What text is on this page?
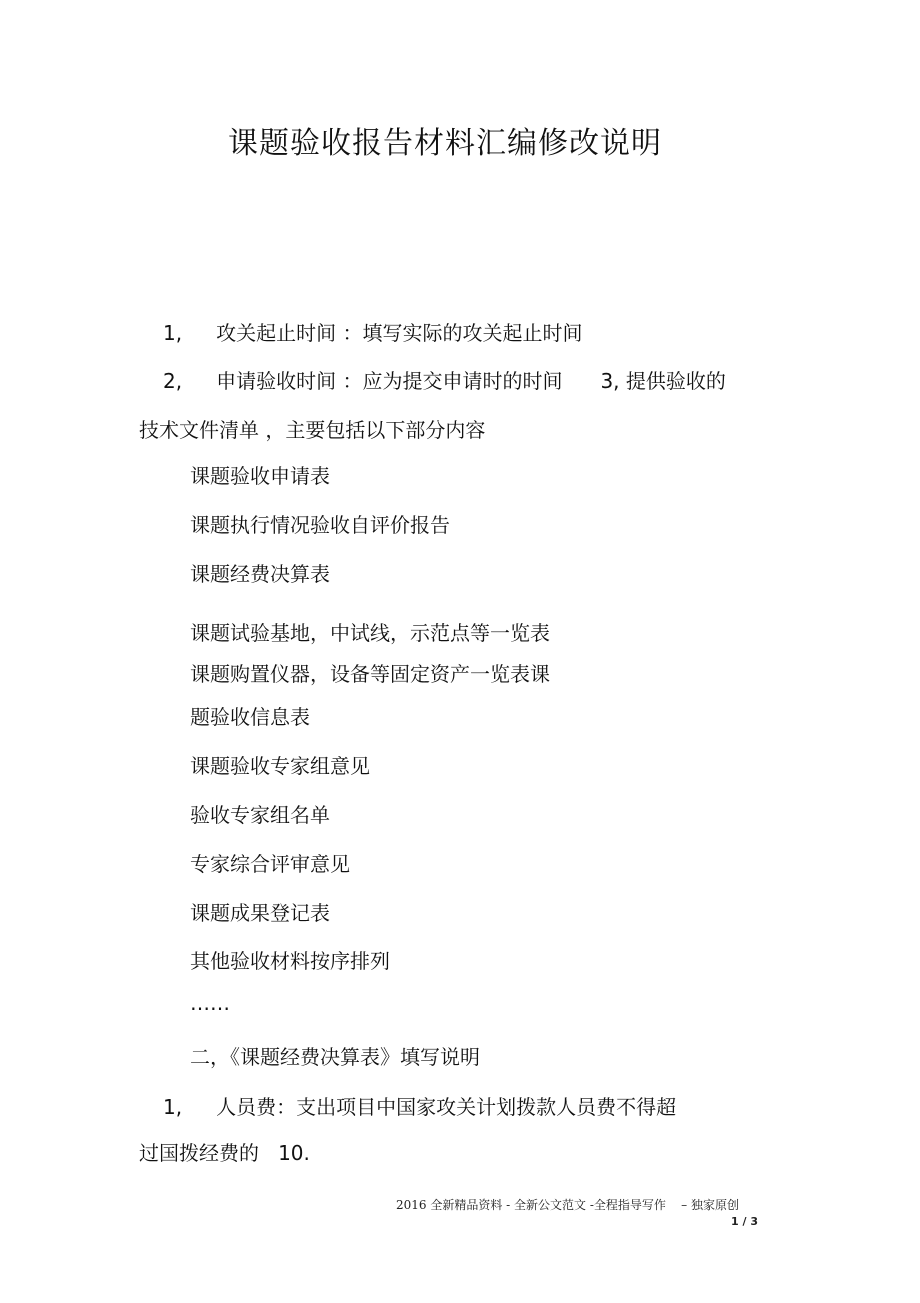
课题验收报告材料汇编修改说明
1, 攻关起止时间 ：填写实际的攻关起止时间
2, 申请验收时间 ：应为提交申请时的时间 3, 提供验收的
技术文件清单 ，主要包括以下部分内容
课题验收申请表
课题执行情况验收自评价报告
课题经费决算表
课题试验基地，中试线，示范点等一览表
课题购置仪器，设备等固定资产一览表课
题验收信息表
课题验收专家组意见
验收专家组名单
专家综合评审意见
课题成果登记表
其他验收材料按序排列
……
二，《课题经费决算表》填写说明
1, 人员费：支出项目中国家攻关计划拨款人员费不得超
过国拨经费的   10.
2016 全新精品资料 - 全新公文范文 -全程指导写作    – 独家原创
1 / 3
